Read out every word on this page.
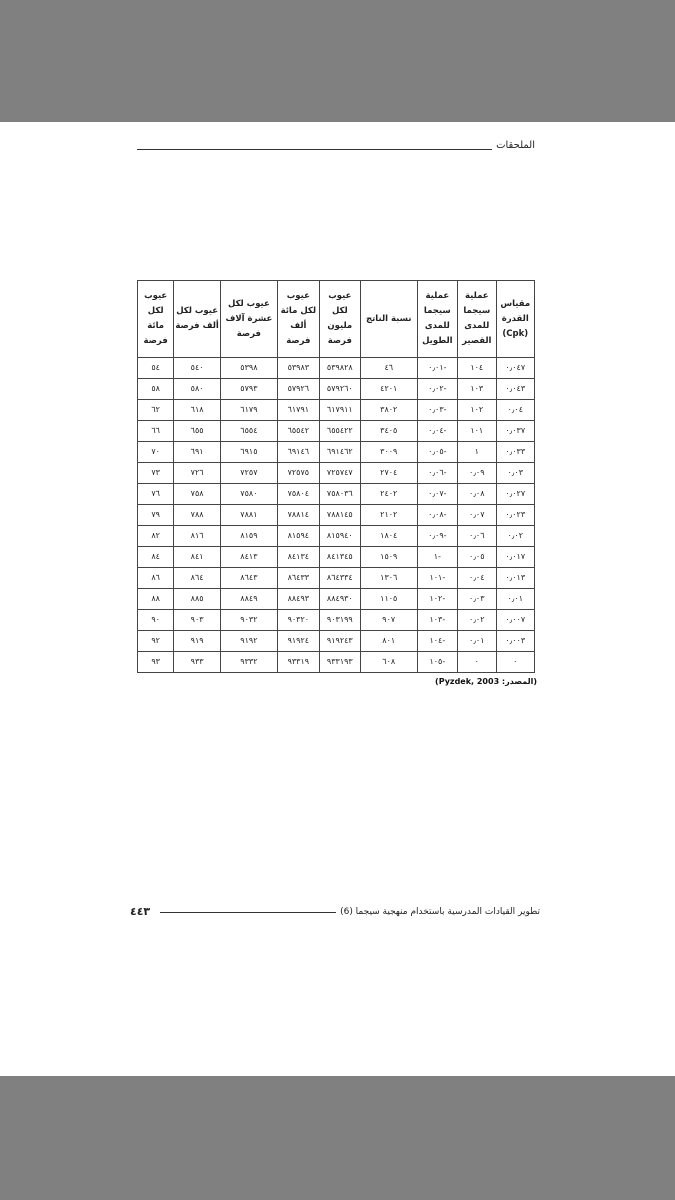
الملحقات
مقياس القدرة (Cpk)	عملية سيجما للمدى القصير	عملية سيجما للمدى الطويل	نسبة الناتج	عيوب لكل مليون فرصة	عيوب لكل مائة ألف فرصة	عيوب لكل عشرة آلاف فرصة	عيوب لكل ألف فرصة	عيوب لكل مائة فرصة
٠٫٠٤٧	١٠٤	-٠٫٠١	٤٦	٥٣٩٨٢٨	٥٣٩٨٣	٥٣٩٨	٥٤٠	٥٤
٠٫٠٤٣	١٠٣	-٠٫٠٢	٤٢٠١	٥٧٩٢٦٠	٥٧٩٢٦	٥٧٩٣	٥٨٠	٥٨
٠٫٠٤	١٠٢	-٠٫٠٣	٣٨٠٢	٦١٧٩١١	٦١٧٩١	٦١٧٩	٦١٨	٦٢
٠٫٠٣٧	١٠١	-٠٫٠٤	٣٤٠٥	٦٥٥٤٢٢	٦٥٥٤٢	٦٥٥٤	٦٥٥	٦٦
٠٫٠٣٣	١	-٠٫٠٥	٣٠٠٩	٦٩١٤٦٢	٦٩١٤٦	٦٩١٥	٦٩١	٧٠
٠٫٠٣	٠٫٠٩	-٠٫٠٦	٢٧٠٤	٧٢٥٧٤٧	٧٢٥٧٥	٧٢٥٧	٧٢٦	٧٣
٠٫٠٢٧	٠٫٠٨	-٠٫٠٧	٢٤٠٢	٧٥٨٠٣٦	٧٥٨٠٤	٧٥٨٠	٧٥٨	٧٦
٠٫٠٢٣	٠٫٠٧	-٠٫٠٨	٢١٠٢	٧٨٨١٤٥	٧٨٨١٤	٧٨٨١	٧٨٨	٧٩
٠٫٠٢	٠٫٠٦	-٠٫٠٩	١٨٠٤	٨١٥٩٤٠	٨١٥٩٤	٨١٥٩	٨١٦	٨٢
٠٫٠١٧	٠٫٠٥	-١	١٥٠٩	٨٤١٣٤٥	٨٤١٣٤	٨٤١٣	٨٤١	٨٤
٠٫٠١٣	٠٫٠٤	-١٠١	١٣٠٦	٨٦٤٣٣٤	٨٦٤٣٣	٨٦٤٣	٨٦٤	٨٦
٠٫٠١	٠٫٠٣	-١٠٢	١١٠٥	٨٨٤٩٣٠	٨٨٤٩٣	٨٨٤٩	٨٨٥	٨٨
٠٫٠٠٧	٠٫٠٢	-١٠٣	٩٠٧	٩٠٣١٩٩	٩٠٣٢٠	٩٠٣٢	٩٠٣	٩٠
٠٫٠٠٣	٠٫٠١	-١٠٤	٨٠١	٩١٩٢٤٣	٩١٩٢٤	٩١٩٢	٩١٩	٩٢
٠	٠	-١٠٥	٦٠٨	٩٣٣١٩٣	٩٣٣١٩	٩٣٣٢	٩٣٣	٩٣
(المصدر: Pyzdek, 2003)
٤٤٣	تطوير القيادات المدرسية باستخدام منهجية سيجما (6)
